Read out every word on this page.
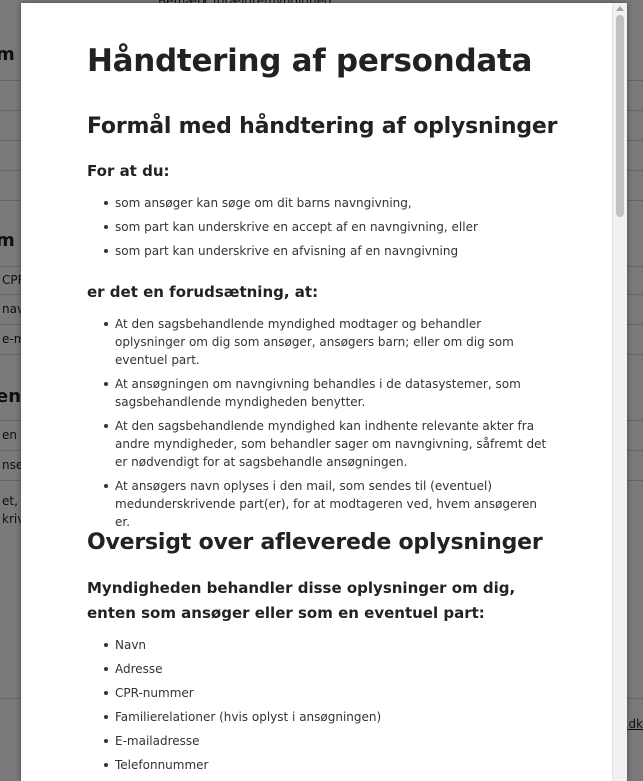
Håndtering af persondata
Formål med håndtering af oplysninger
For at du:
som ansøger kan søge om dit barns navngivning,
som part kan underskrive en accept af en navngivning, eller
som part kan underskrive en afvisning af en navngivning
er det en forudsætning, at:
At den sagsbehandlende myndighed modtager og behandler oplysninger om dig som ansøger, ansøgers barn; eller om dig som eventuel part.
At ansøgningen om navngivning behandles i de datasystemer, som sagsbehandlende myndigheden benytter.
At den sagsbehandlende myndighed kan indhente relevante akter fra andre myndigheder, som behandler sager om navngivning, såfremt det er nødvendigt for at sagsbehandle ansøgningen.
At ansøgers navn oplyses i den mail, som sendes til (eventuel) medunderskrivende part(er), for at modtageren ved, hvem ansøgeren er.
Oversigt over afleverede oplysninger
Myndigheden behandler disse oplysninger om dig, enten som ansøger eller som en eventuel part:
Navn
Adresse
CPR-nummer
Familierelationer (hvis oplyst i ansøgningen)
E-mailadresse
Telefonnummer
